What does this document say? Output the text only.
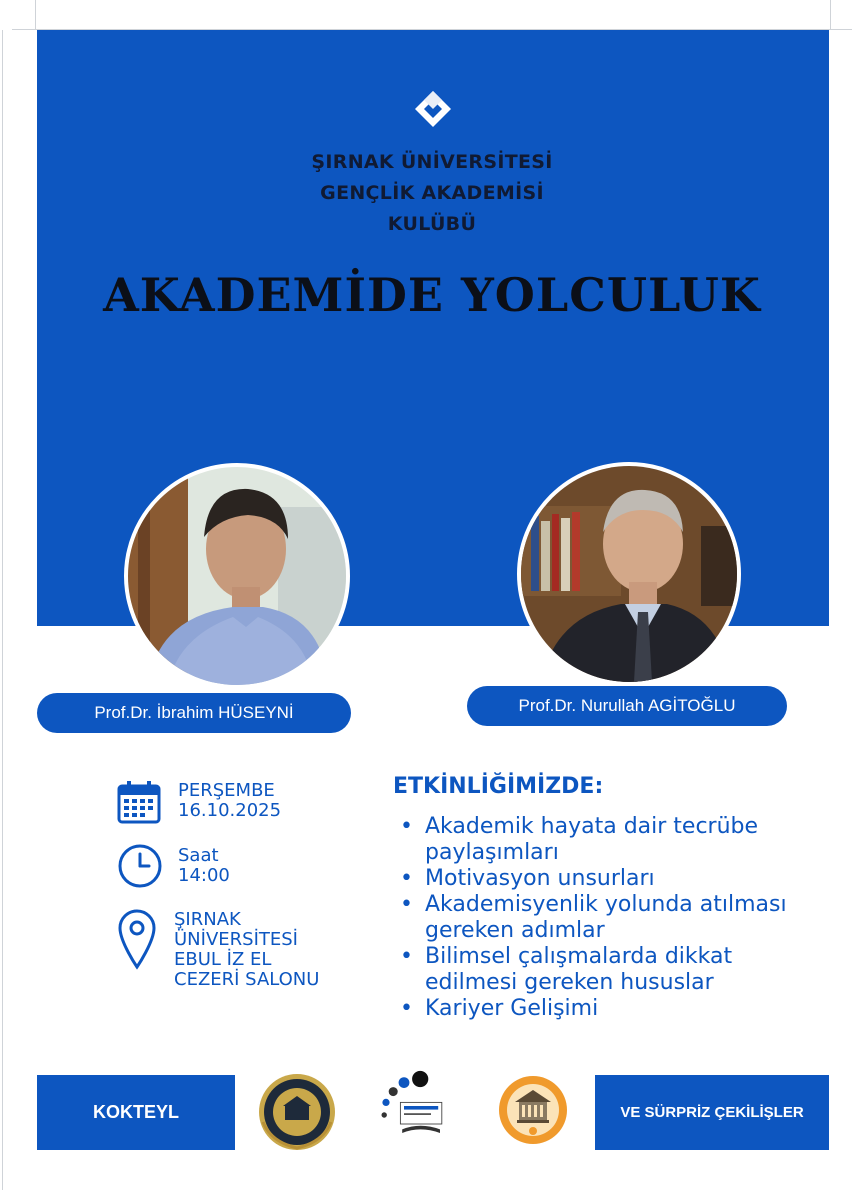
ŞIRNAK ÜNİVERSİTESİ
GENÇLİK AKADEMİSİ
KULÜBÜ
AKADEMİDE YOLCULUK
Prof.Dr. İbrahim HÜSEYNİ	Prof.Dr. Nurullah AGİTOĞLU
PERŞEMBE
16.10.2025
Saat
14:00
ŞIRNAK
ÜNİVERSİTESİ
EBUL İZ EL
CEZERİ SALONU
ETKİNLİĞİMİZDE:
• Akademik hayata dair tecrübe paylaşımları
• Motivasyon unsurları
• Akademisyenlik yolunda atılması gereken adımlar
• Bilimsel çalışmalarda dikkat edilmesi gereken hususlar
• Kariyer Gelişimi
KOKTEYL	VE SÜRPRİZ ÇEKİLİŞLER
